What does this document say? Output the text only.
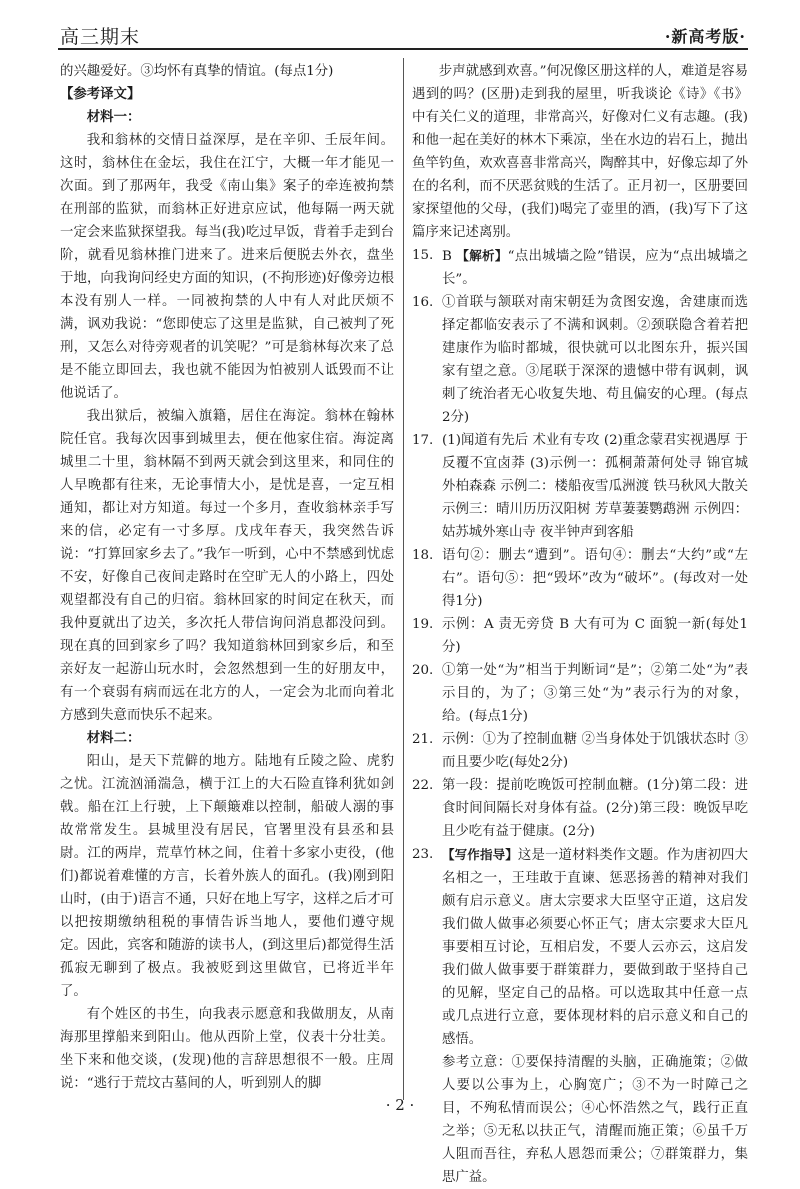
高三期末	·新高考版·

的兴趣爱好。③均怀有真挚的情谊。(每点1分)

【参考译文】

材料一：

我和翁林的交情日益深厚，是在辛卯、壬辰年间。这时，翁林住在金坛，我住在江宁，大概一年才能见一次面。到了那两年，我受《南山集》案子的牵连被拘禁在刑部的监狱，而翁林正好进京应试，他每隔一两天就一定会来监狱探望我。每当(我)吃过早饭，背着手走到台阶，就看见翁林推门进来了。进来后便脱去外衣，盘坐于地，向我询问经史方面的知识，(不拘形迹)好像旁边根本没有别人一样。一同被拘禁的人中有人对此厌烦不满，讽劝我说：“您即使忘了这里是监狱，自己被判了死刑，又怎么对待旁观者的讥笑呢？”可是翁林每次来了总是不能立即回去，我也就不能因为怕被别人诋毁而不让他说话了。

我出狱后，被编入旗籍，居住在海淀。翁林在翰林院任官。我每次因事到城里去，便在他家住宿。海淀离城里二十里，翁林隔不到两天就会到这里来，和同住的人早晚都有往来，无论事情大小，是忧是喜，一定互相通知，都让对方知道。每过一个多月，查收翁林亲手写来的信，必定有一寸多厚。戊戌年春天，我突然告诉说：“打算回家乡去了。”我乍一听到，心中不禁感到忧虑不安，好像自己夜间走路时在空旷无人的小路上，四处观望都没有自己的归宿。翁林回家的时间定在秋天，而我仲夏就出了边关，多次托人带信询问消息都没问到。现在真的回到家乡了吗？我知道翁林回到家乡后，和至亲好友一起游山玩水时，会忽然想到一生的好朋友中，有一个衰弱有病而远在北方的人，一定会为北而向着北方感到失意而快乐不起来。

材料二：

阳山，是天下荒僻的地方。陆地有丘陵之险、虎豹之忧。江流汹涌湍急，横于江上的大石险直锋利犹如剑戟。船在江上行驶，上下颠簸难以控制，船破人溺的事故常常发生。县城里没有居民，官署里没有县丞和县尉。江的两岸，荒草竹林之间，住着十多家小吏役，(他们)都说着难懂的方言，长着外族人的面孔。(我)刚到阳山时，(由于)语言不通，只好在地上写字，这样之后才可以把按期缴纳租税的事情告诉当地人，要他们遵守规定。因此，宾客和随游的读书人，(到这里后)都觉得生活孤寂无聊到了极点。我被贬到这里做官，已将近半年了。

有个姓区的书生，向我表示愿意和我做朋友，从南海那里撑船来到阳山。他从西阶上堂，仪表十分壮美。坐下来和他交谈，(发现)他的言辞思想很不一般。庄周说：“逃行于荒坟古墓间的人，听到别人的脚

步声就感到欢喜。”何况像区册这样的人，难道是容易遇到的吗？(区册)走到我的屋里，听我谈论《诗》《书》中有关仁义的道理，非常高兴，好像对仁义有志趣。(我)和他一起在美好的林木下乘凉，坐在水边的岩石上，抛出鱼竿钓鱼，欢欢喜喜非常高兴，陶醉其中，好像忘却了外在的名利，而不厌恶贫贱的生活了。正月初一，区册要回家探望他的父母，(我们)喝完了壶里的酒，(我)写下了这篇序来记述离别。

15. B 【解析】“点出城墙之险”错误，应为“点出城墙之长”。
16. ①首联与颔联对南宋朝廷为贪图安逸，舍建康而选择定都临安表示了不满和讽刺。②颈联隐含着若把建康作为临时都城，很快就可以北图东升，振兴国家有望之意。③尾联于深深的遗憾中带有讽刺，讽刺了统治者无心收复失地、苟且偏安的心理。(每点2分)
17. (1)闻道有先后 术业有专攻 (2)重念蒙君实视遇厚 于反覆不宜卤莽 (3)示例一：孤桐萧萧何处寻 锦官城外柏森森 示例二：楼船夜雪瓜洲渡 铁马秋风大散关 示例三：晴川历历汉阳树 芳草萋萋鹦鹉洲 示例四：姑苏城外寒山寺 夜半钟声到客船
18. 语句②：删去“遭到”。语句④：删去“大约”或“左右”。语句⑤：把“毁坏”改为“破坏”。(每改对一处得1分)
19. 示例：A 责无旁贷 B 大有可为 C 面貌一新(每处1分)
20. ①第一处“为”相当于判断词“是”；②第二处“为”表示目的，为了；③第三处“为”表示行为的对象，给。(每点1分)
21. 示例：①为了控制血糖 ②当身体处于饥饿状态时 ③而且要少吃(每处2分)
22. 第一段：提前吃晚饭可控制血糖。(1分)第二段：进食时间间隔长对身体有益。(2分)第三段：晚饭早吃且少吃有益于健康。(2分)
23. 【写作指导】这是一道材料类作文题。作为唐初四大名相之一，王珪敢于直谏、惩恶扬善的精神对我们颇有启示意义。唐太宗要求大臣坚守正道，这启发我们做人做事必须要心怀正气；唐太宗要求大臣凡事要相互讨论，互相启发，不要人云亦云，这启发我们做人做事要于群策群力，要做到敢于坚持自己的见解，坚定自己的品格。可以选取其中任意一点或几点进行立意，要体现材料的启示意义和自己的感悟。

参考立意：①要保持清醒的头脑，正确施策；②做人要以公事为上，心胸宽广；③不为一时障己之目，不殉私情而误公；④心怀浩然之气，践行正直之举；⑤无私以扶正气，清醒而施正策；⑥虽千万人阻而吾往，弃私人恩怨而秉公；⑦群策群力，集思广益。

· 2 ·
